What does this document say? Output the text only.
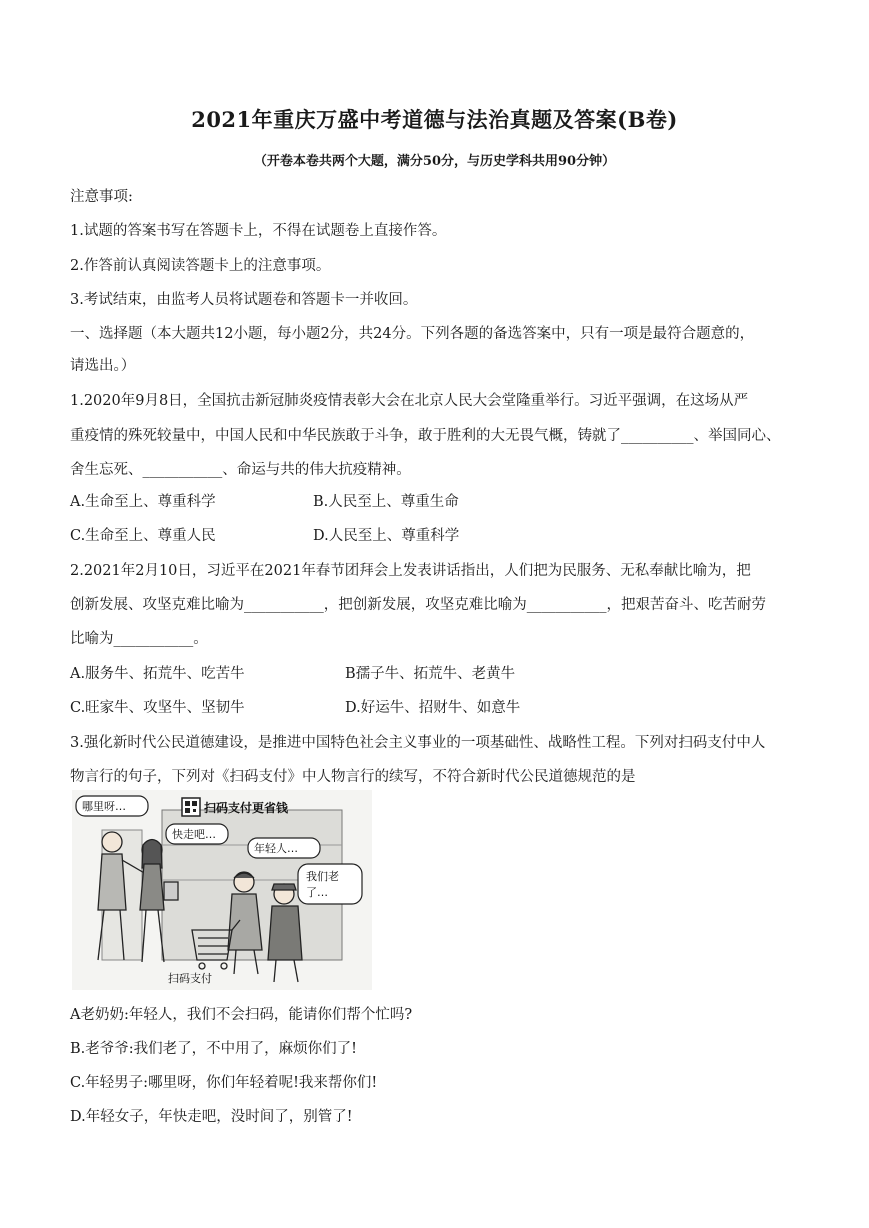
2021年重庆万盛中考道德与法治真题及答案(B卷)
（开卷本卷共两个大题，满分50分，与历史学科共用90分钟）
注意事项:
1.试题的答案书写在答题卡上，不得在试题卷上直接作答。
2.作答前认真阅读答题卡上的注意事项。
3.考试结束，由监考人员将试题卷和答题卡一并收回。
一、选择题（本大题共12小题，每小题2分，共24分。下列各题的备选答案中，只有一项是最符合题意的，
请选出。）
1.2020年9月8日，全国抗击新冠肺炎疫情表彰大会在北京人民大会堂隆重举行。习近平强调，在这场从严
重疫情的殊死较量中，中国人民和中华民族敢于斗争，敢于胜利的大无畏气概，铸就了__________、举国同心、
舍生忘死、___________、命运与共的伟大抗疫精神。
A.生命至上、尊重科学	B.人民至上、尊重生命
C.生命至上、尊重人民	D.人民至上、尊重科学
2.2021年2月10日，习近平在2021年春节团拜会上发表讲话指出，人们把为民服务、无私奉献比喻为，把
创新发展、攻坚克难比喻为___________，把创新发展，攻坚克难比喻为___________，把艰苦奋斗、吃苦耐劳
比喻为___________。
A.服务牛、拓荒牛、吃苦牛	B孺子牛、拓荒牛、老黄牛
C.旺家牛、攻坚牛、坚韧牛	D.好运牛、招财牛、如意牛
3.强化新时代公民道德建设，是推进中国特色社会主义事业的一项基础性、战略性工程。下列对扫码支付中人
物言行的句子，下列对《扫码支付》中人物言行的续写，不符合新时代公民道德规范的是
扫码支付更省钱
哪里呀…
快走吧…
年轻人…
我们老
了…
扫码支付
A老奶奶:年轻人，我们不会扫码，能请你们帮个忙吗?
B.老爷爷:我们老了，不中用了，麻烦你们了!
C.年轻男子:哪里呀，你们年轻着呢!我来帮你们!
D.年轻女子，年快走吧，没时间了，别管了!
